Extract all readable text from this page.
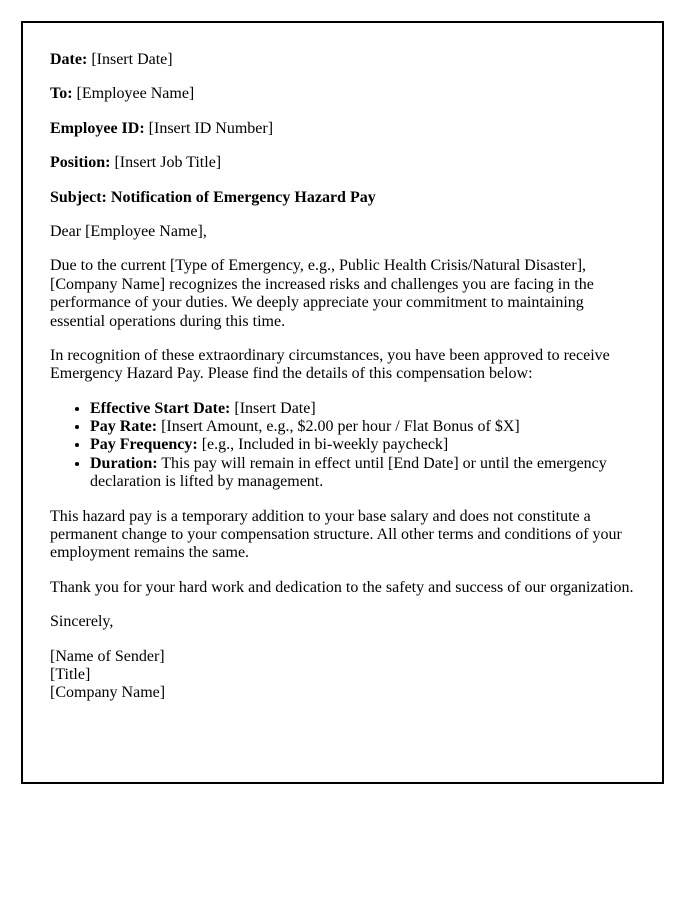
Date: [Insert Date]

To: [Employee Name]

Employee ID: [Insert ID Number]

Position: [Insert Job Title]

Subject: Notification of Emergency Hazard Pay

Dear [Employee Name],

Due to the current [Type of Emergency, e.g., Public Health Crisis/Natural Disaster], [Company Name] recognizes the increased risks and challenges you are facing in the performance of your duties. We deeply appreciate your commitment to maintaining essential operations during this time.

In recognition of these extraordinary circumstances, you have been approved to receive Emergency Hazard Pay. Please find the details of this compensation below:

• Effective Start Date: [Insert Date]
• Pay Rate: [Insert Amount, e.g., $2.00 per hour / Flat Bonus of $X]
• Pay Frequency: [e.g., Included in bi-weekly paycheck]
• Duration: This pay will remain in effect until [End Date] or until the emergency declaration is lifted by management.

This hazard pay is a temporary addition to your base salary and does not constitute a permanent change to your compensation structure. All other terms and conditions of your employment remains the same.

Thank you for your hard work and dedication to the safety and success of our organization.

Sincerely,

[Name of Sender]
[Title]
[Company Name]
